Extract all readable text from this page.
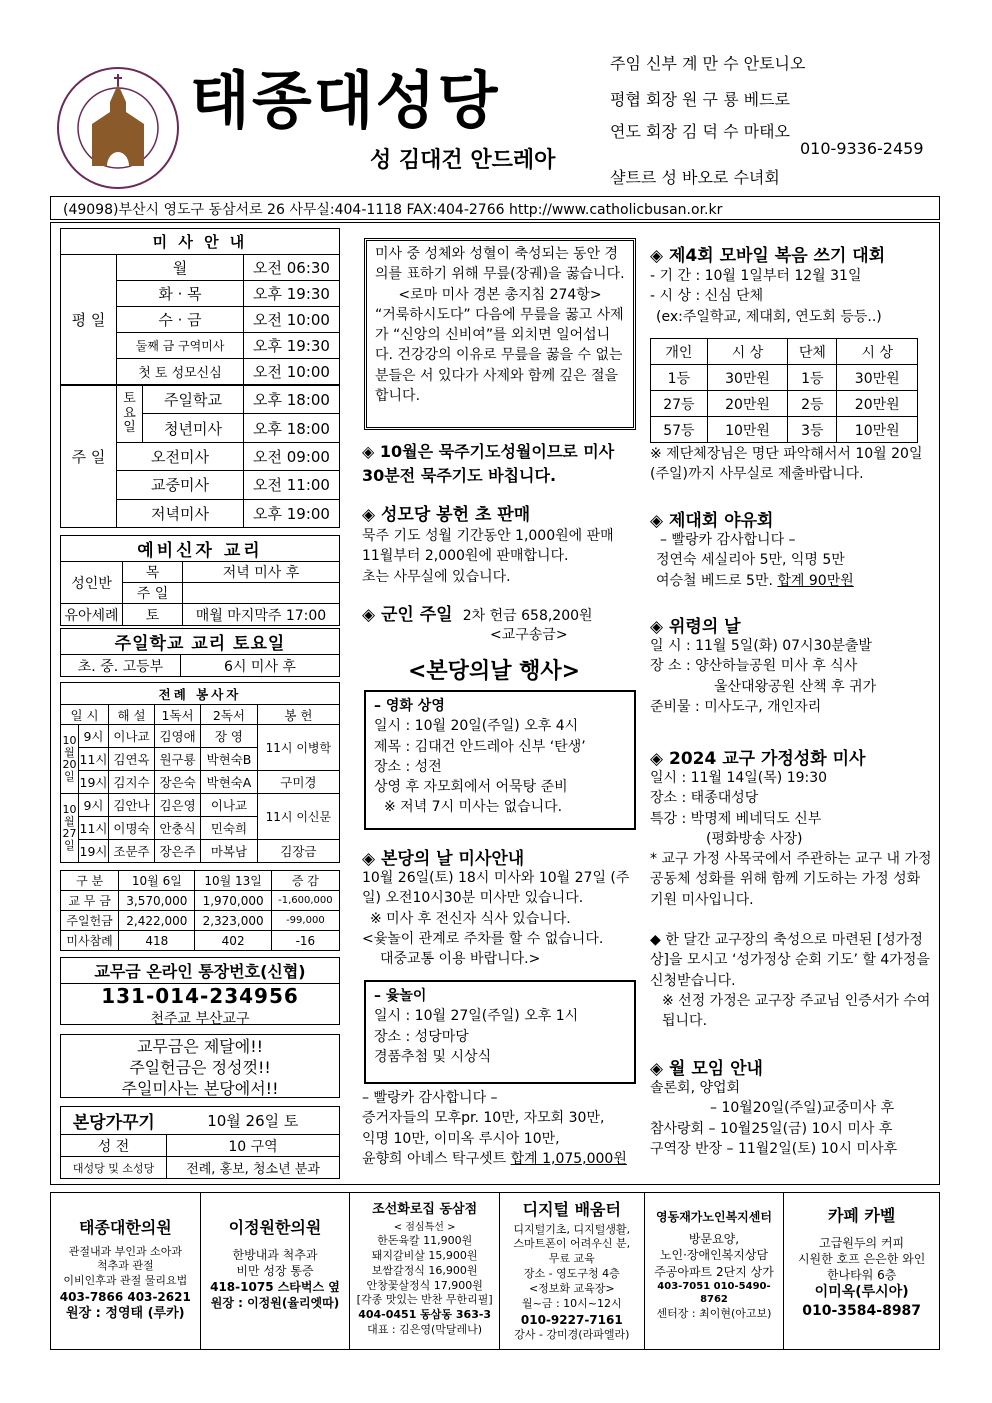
태종대성당
성 김대건 안드레아
주임 신부 계 만 수 안토니오
평협 회장 원 구 룡 베드로
연도 회장 김 덕 수 마태오
010-9336-2459
샬트르 성 바오로 수녀회
(49098)부산시 영도구 동삼서로 26 사무실:404-1118 FAX:404-2766 http://www.catholicbusan.or.kr
미 사 안 내		
평 일	월	오전 06:30
	화 · 목	오후 19:30
	수 · 금	오전 10:00
	둘째 금 구역미사	오후 19:30
	첫 토 성모신심	오전 10:00
주 일	토요일	주일학교	오후 18:00
		청년미사	오후 18:00
	오전미사		오전 09:00
	교중미사		오전 11:00
	저녁미사		오후 19:00
예비신자 교리		
성인반	목	저녁 미사 후
	주 일	
유아세례	토	매월 마지막주 17:00
주일학교 교리 토요일
초. 중. 고등부	6시 미사 후
전례 봉사자					
일 시		해 설	1독서	2독서	봉 헌
10월20일	9시	이나교	김영애	장 영	11시 이병학
	11시	김연옥	원구룡	박현숙B	
	19시	김지수	장은숙	박현숙A	구미경
10월27일	9시	김안나	김은영	이나교	11시 이신문
	11시	이명숙	안충식	민숙희	
	19시	조문주	장은주	마복남	김장금
구 분	10월 6일	10월 13일	증 감
교 무 금	3,570,000	1,970,000	-1,600,000
주일헌금	2,422,000	2,323,000	-99,000
미사참례	418	402	-16
교무금 온라인 통장번호(신협)
131-014-234956
천주교 부산교구
교무금은 제달에!!
주일헌금은 정성껏!!
주일미사는 본당에서!!
본당가꾸기	10월 26일 토
성 전	10 구역
대성당 및 소성당	전례, 홍보, 청소년 분과

미사 중 성체와 성혈이 축성되는 동안 경의를 표하기 위해 무릎(장궤)을 꿇습니다.

<로마 미사 경본 총지침 274항>

“거룩하시도다” 다음에 무릎을 꿇고 사제가 “신앙의 신비여”를 외치면 일어섭니다. 건강강의 이유로 무릎을 꿇을 수 없는 분들은 서 있다가 사제와 함께 깊은 절을 합니다.

◈ 10월은 묵주기도성월이므로 미사 30분전 묵주기도 바칩니다.
◈ 성모당 봉헌 초 판매

묵주 기도 성월 기간동안 1,000원에 판매

11월부터 2,000원에 판매합니다.

초는 사무실에 있습니다.

◈ 군인 주일 2차 헌금 658,200원
<교구송금>
<본당의날 행사>

– 영화 상영

일시 : 10월 20일(주일) 오후 4시

제목 : 김대건 안드레아 신부 ‘탄생’

장소 : 성전

상영 후 자모회에서 어묵탕 준비

※ 저녁 7시 미사는 없습니다.

◈ 본당의 날 미사안내

10월 26일(토) 18시 미사와 10월 27일 (주일) 오전10시30분 미사만 있습니다.

※ 미사 후 전신자 식사 있습니다.

<윷놀이 관계로 주차를 할 수 없습니다.

대중교통 이용 바랍니다.>

– 윷놀이

일시 : 10월 27일(주일) 오후 1시

장소 : 성당마당

경품추첨 및 시상식

– 빨랑카 감사합니다 –

증거자들의 모후pr. 10만, 자모회 30만,

익명 10만, 이미옥 루시아 10만,

윤향희 아녜스 탁구셋트 합계 1,075,000원

◈ 제4회 모바일 복음 쓰기 대회

- 기 간 : 10월 1일부터 12월 31일

- 시 상 : 신심 단체

(ex:주일학교, 제대회, 연도회 등등..)

개인	시 상	단체	시 상
1등	30만원	1등	30만원
27등	20만원	2등	20만원
57등	10만원	3등	10만원

※ 제단체장님은 명단 파악해서서 10월 20일(주일)까지 사무실로 제출바랍니다.

◈ 제대회 야유회

– 빨랑카 감사합니다 –

정연숙 세실리아 5만, 익명 5만

여승철 베드로 5만. 합계 90만원

◈ 위령의 날

일 시 : 11월 5일(화) 07시30분출발

장 소 : 양산하늘공원 미사 후 식사

울산대왕공원 산책 후 귀가

준비물 : 미사도구, 개인자리

◈ 2024 교구 가정성화 미사

일시 : 11월 14일(목) 19:30

장소 : 태종대성당

특강 : 박명제 베네딕도 신부

(평화방송 사장)

* 교구 가정 사목국에서 주관하는 교구 내 가정 공동체 성화를 위해 함께 기도하는 가정 성화 기원 미사입니다.

◆ 한 달간 교구장의 축성으로 마련된 [성가정상]을 모시고 ‘성가정상 순회 기도’ 할 4가정을 신청받습니다.

※ 선정 가정은 교구장 주교님 인증서가 수여 됩니다.

◈ 월 모임 안내

솔론회, 양업회

– 10월20일(주일)교중미사 후

참사랑회 – 10월25일(금) 10시 미사 후

구역장 반장 – 11월2일(토) 10시 미사후

태종대한의원
관절내과 부인과 소아과
척추과 관절
이비인후과 관절 물리요법
403-7866 403-2621
원장 : 정영태 (루카)
이정원한의원
한방내과 척추과
비만 성장 통증
418-1075 스타벅스 옆
원장 : 이정원(율리엣따)
조선화로집 동삼점
< 점심특선 >
한돈육칼 11,900원
돼지갈비살 15,900원
보쌈갈정식 16,900원
안창꽃살정식 17,900원
[각종 맛있는 반찬 무한리필]
404-0451 동삼동 363-3
대표 : 김은영(막달레나)
디지털 배움터
디지털기초, 디지털생활,
스마트폰이 어려우신 분,
무료 교육
장소 - 영도구청 4층
<정보화 교육장>
월~금 : 10시~12시
010-9227-7161
강사 - 강미경(라파엘라)
영동재가노인복지센터
방문요양,
노인·장애인복지상담
주공아파트 2단지 상가
403-7051 010-5490-8762
센터장 : 최이현(아고보)
카페 카벨
고급원두의 커피
시원한 호프 은은한 와인
한나타워 6층
이미옥(루시아)
010-3584-8987
